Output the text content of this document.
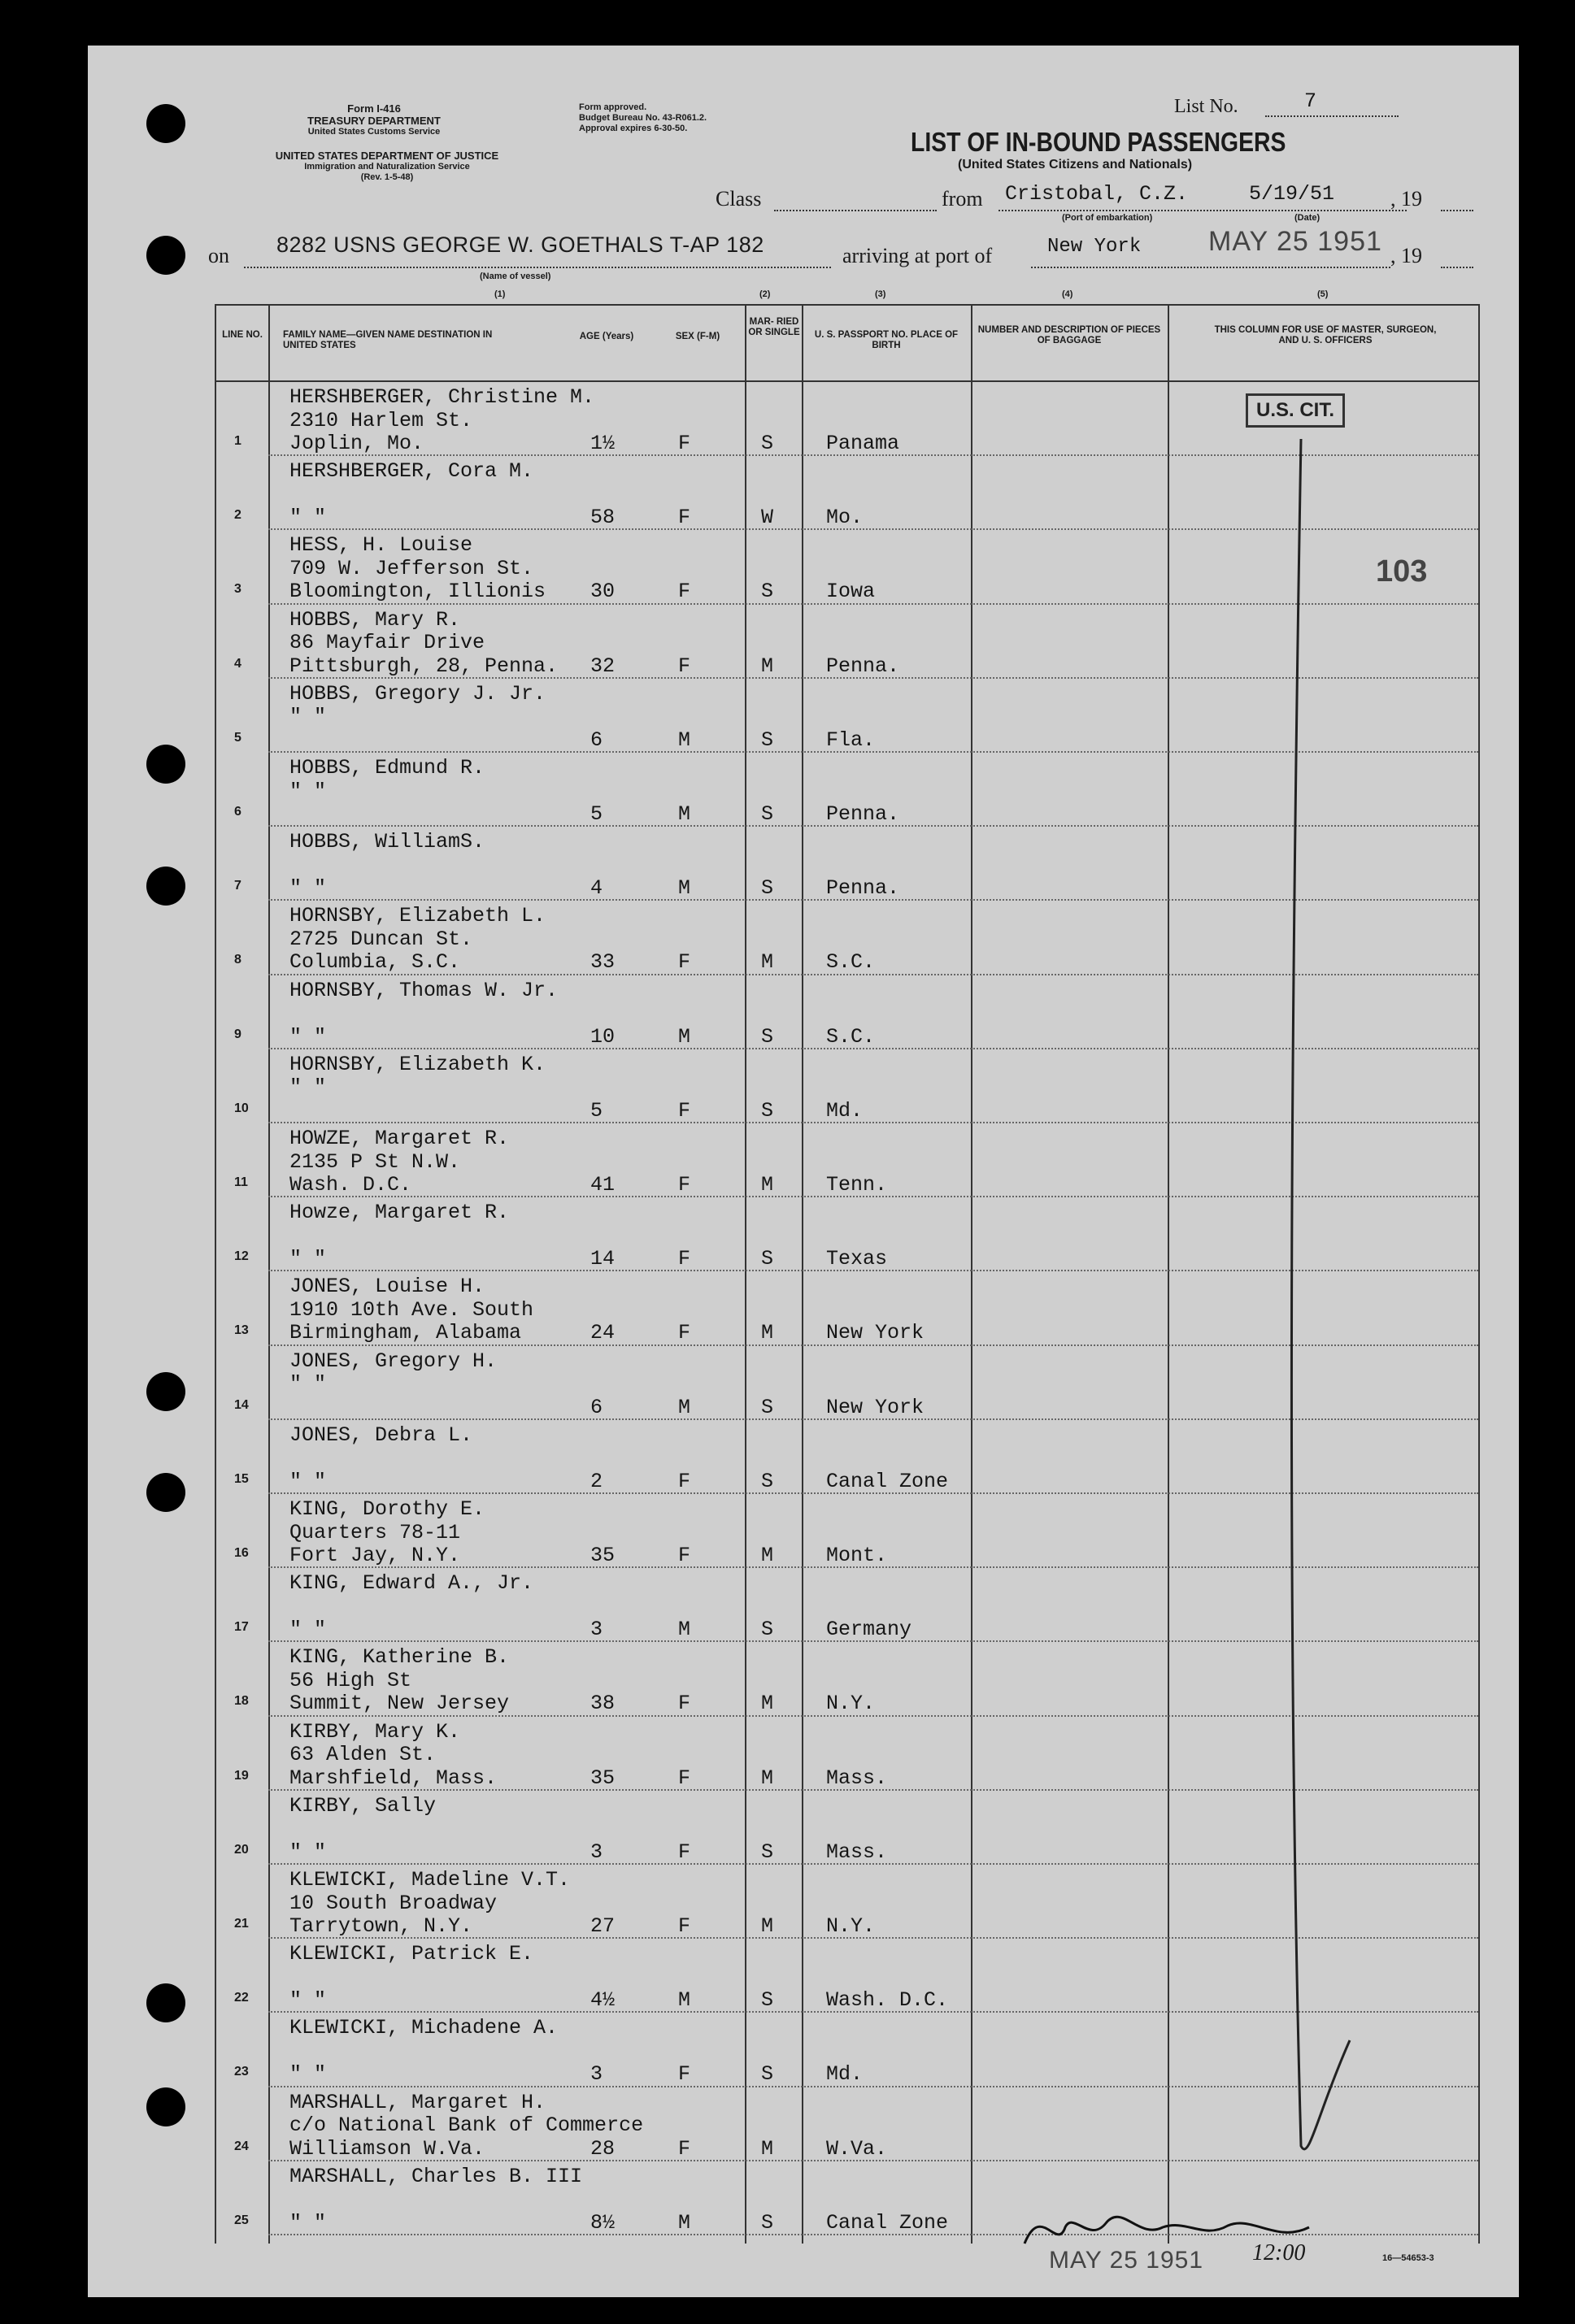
Form I-416
TREASURY DEPARTMENT
United States Customs Service
UNITED STATES DEPARTMENT OF JUSTICE
Immigration and Naturalization Service
(Rev. 1-5-48)
Form approved.
Budget Bureau No. 43-R061.2.
Approval expires 6-30-50.
List No.	7
LIST OF IN-BOUND PASSENGERS
(United States Citizens and Nationals)
Class	from Cristobal, C.Z.	5/19/51	, 19
(Port of embarkation)	(Date)
on 8282 USNS GEORGE W. GOETHALS T-AP 182
(Name of vessel)
arriving at port of	New York MAY 25 1951 , 19
(1)	(2)	(3)	(4)	(5)
LINE NO.	FAMILY NAME—GIVEN NAME DESTINATION IN UNITED STATES
AGE (Years)	SEX (F-M)
MAR- RIED OR SINGLE	U. S. PASSPORT NO. PLACE OF BIRTH
NUMBER AND DESCRIPTION OF PIECES OF BAGGAGE
THIS COLUMN FOR USE OF MASTER, SURGEON, AND U. S. OFFICERS
HERSHBERGER, Christine M.
2310 Harlem St.
Joplin, Mo.	1½	F	S	Panama
1
HERSHBERGER, Cora M.
" "	58	F	W	Mo.
2
HESS, H. Louise
709 W. Jefferson St.
Bloomington, Illionis 30	F	S	Iowa
3
HOBBS, Mary R.
86 Mayfair Drive
Pittsburgh, 28, Penna. 32	F	M	Penna.
4
HOBBS, Gregory J. Jr.
" "
6	M	S	Fla.
5
HOBBS, Edmund R.
" "
5	M	S	Penna.
6
HOBBS, WilliamS.
" "	4	M	S	Penna.
7
HORNSBY, Elizabeth L.
2725 Duncan St.
Columbia, S.C.	33	F	M	S.C.
8
HORNSBY, Thomas W. Jr.
" "	10	M	S	S.C.
9
HORNSBY, Elizabeth K.
" "
5	F	S	Md.
10
HOWZE, Margaret R.
2135 P St N.W.
Wash. D.C.	41	F	M	Tenn.
11
Howze, Margaret R.
" "	14	F	S	Texas
12
JONES, Louise H.
1910 10th Ave. South
Birmingham, Alabama	24	F	M	New York
13
JONES, Gregory H.
" "
6	M	S	New York
14
JONES, Debra L.
" "	2	F	S	Canal Zone
15
KING, Dorothy E.
Quarters 78-11
Fort Jay, N.Y.	35	F	M	Mont.
16
KING, Edward A., Jr.
" "	3	M	S	Germany
17
KING, Katherine B.
56 High St
Summit, New Jersey	38	F	M	N.Y.
18
KIRBY, Mary K.
63 Alden St.
Marshfield, Mass.	35	F	M	Mass.
19
KIRBY, Sally
" "	3	F	S	Mass.
20
KLEWICKI, Madeline V.T.
10 South Broadway
Tarrytown, N.Y.	27	F	M	N.Y.
21
KLEWICKI, Patrick E.
" "	4½	M	S	Wash. D.C.
22
KLEWICKI, Michadene A.
" "	3	F	S	Md.
23
MARSHALL, Margaret H.
c/o National Bank of Commerce
Williamson W.Va.	28	F	M	W.Va.
24
MARSHALL, Charles B. III
" "	8½	M	S	Canal Zone
25
U.S. CIT.
103
MAY 25 1951 12:00	16—54653-3
